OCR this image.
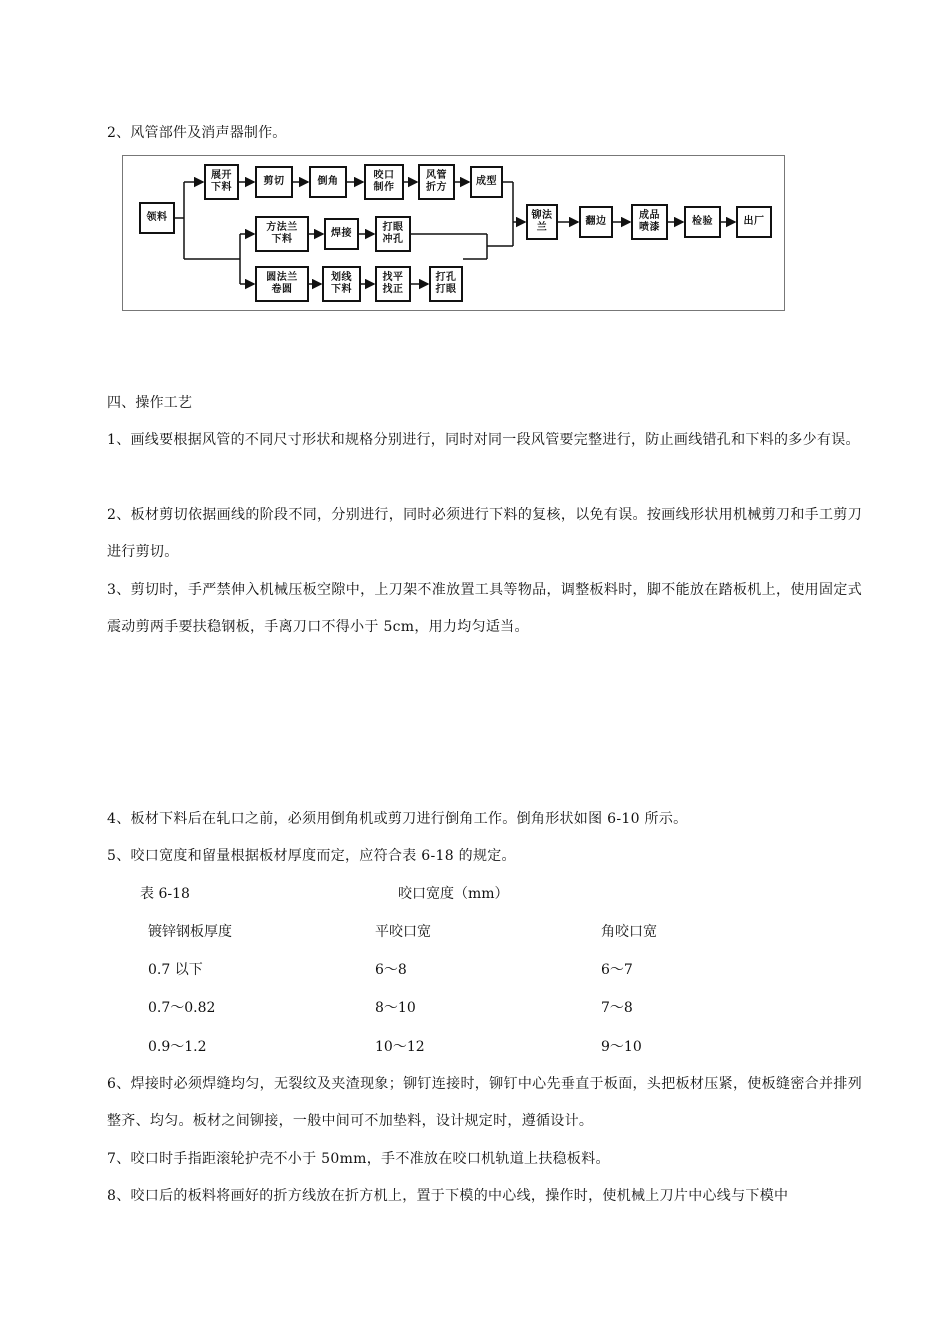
2、风管部件及消声器制作。
领料
展开
下料
剪切	倒角
咬口
制作
风管
折方
成型
方法兰
下料
焊接
打眼
冲孔
圆法兰
卷圆
划线
下料
找平
找正
打孔
打眼
铆法
兰
翻边
成品
喷漆
检验	出厂
四、操作工艺
1、画线要根据风管的不同尺寸形状和规格分别进行，同时对同一段风管要完整进行，防止画线错孔和下料的多少有误。
2、板材剪切依据画线的阶段不同，分别进行，同时必须进行下料的复核，以免有误。按画线形状用机械剪刀和手工剪刀进行剪切。
3、剪切时，手严禁伸入机械压板空隙中，上刀架不准放置工具等物品，调整板料时，脚不能放在踏板机上，使用固定式震动剪两手要扶稳钢板，手离刀口不得小于 5cm，用力均匀适当。
4、板材下料后在轧口之前，必须用倒角机或剪刀进行倒角工作。倒角形状如图 6-10 所示。
5、咬口宽度和留量根据板材厚度而定，应符合表 6-18 的规定。
表 6-18	咬口宽度（mm）
镀锌钢板厚度	平咬口宽	角咬口宽
0.7 以下	6～8	6～7
0.7～0.82	8～10	7～8
0.9～1.2	10～12	9～10
6、焊接时必须焊缝均匀，无裂纹及夹渣现象；铆钉连接时，铆钉中心先垂直于板面，头把板材压紧，使板缝密合并排列整齐、均匀。板材之间铆接，一般中间可不加垫料，设计规定时，遵循设计。
7、咬口时手指距滚轮护壳不小于 50mm，手不准放在咬口机轨道上扶稳板料。
8、咬口后的板料将画好的折方线放在折方机上，置于下模的中心线，操作时，使机械上刀片中心线与下模中
